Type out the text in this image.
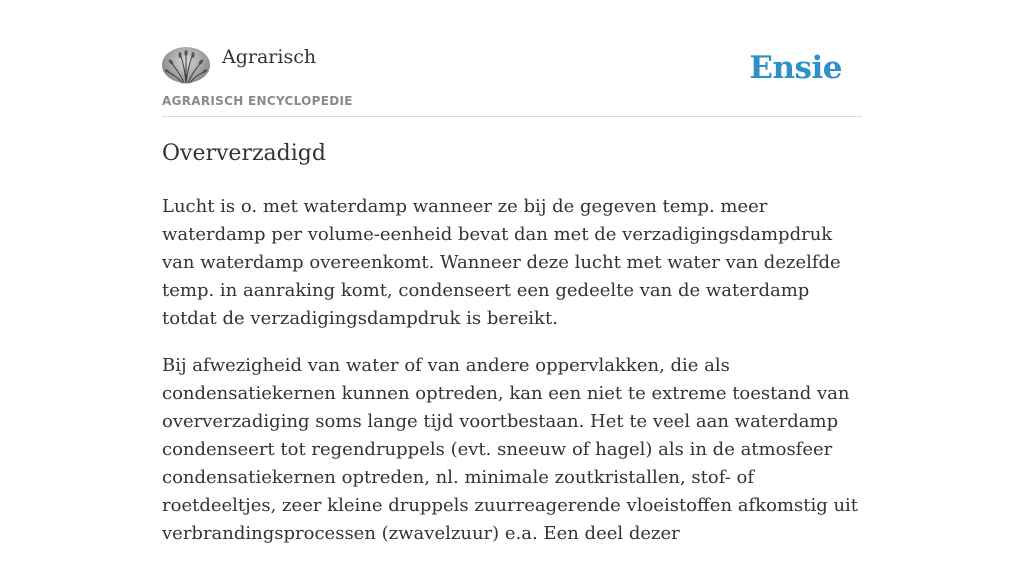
Agrarisch
AGRARISCH ENCYCLOPEDIE
Ensie
Oververzadigd

Lucht is o. met waterdamp wanneer ze bij de gegeven temp. meer waterdamp per volume-eenheid bevat dan met de verzadigingsdampdruk van waterdamp overeenkomt. Wanneer deze lucht met water van dezelfde temp. in aanraking komt, condenseert een gedeelte van de waterdamp totdat de verzadigingsdampdruk is bereikt.

Bij afwezigheid van water of van andere oppervlakken, die als condensatiekernen kunnen optreden, kan een niet te extreme toestand van oververzadiging soms lange tijd voortbestaan. Het te veel aan waterdamp condenseert tot regendruppels (evt. sneeuw of hagel) als in de atmosfeer condensatiekernen optreden, nl. minimale zoutkristallen, stof- of roetdeeltjes, zeer kleine druppels zuurreagerende vloeistoffen afkomstig uit verbrandingsprocessen (zwavelzuur) e.a. Een deel dezer
